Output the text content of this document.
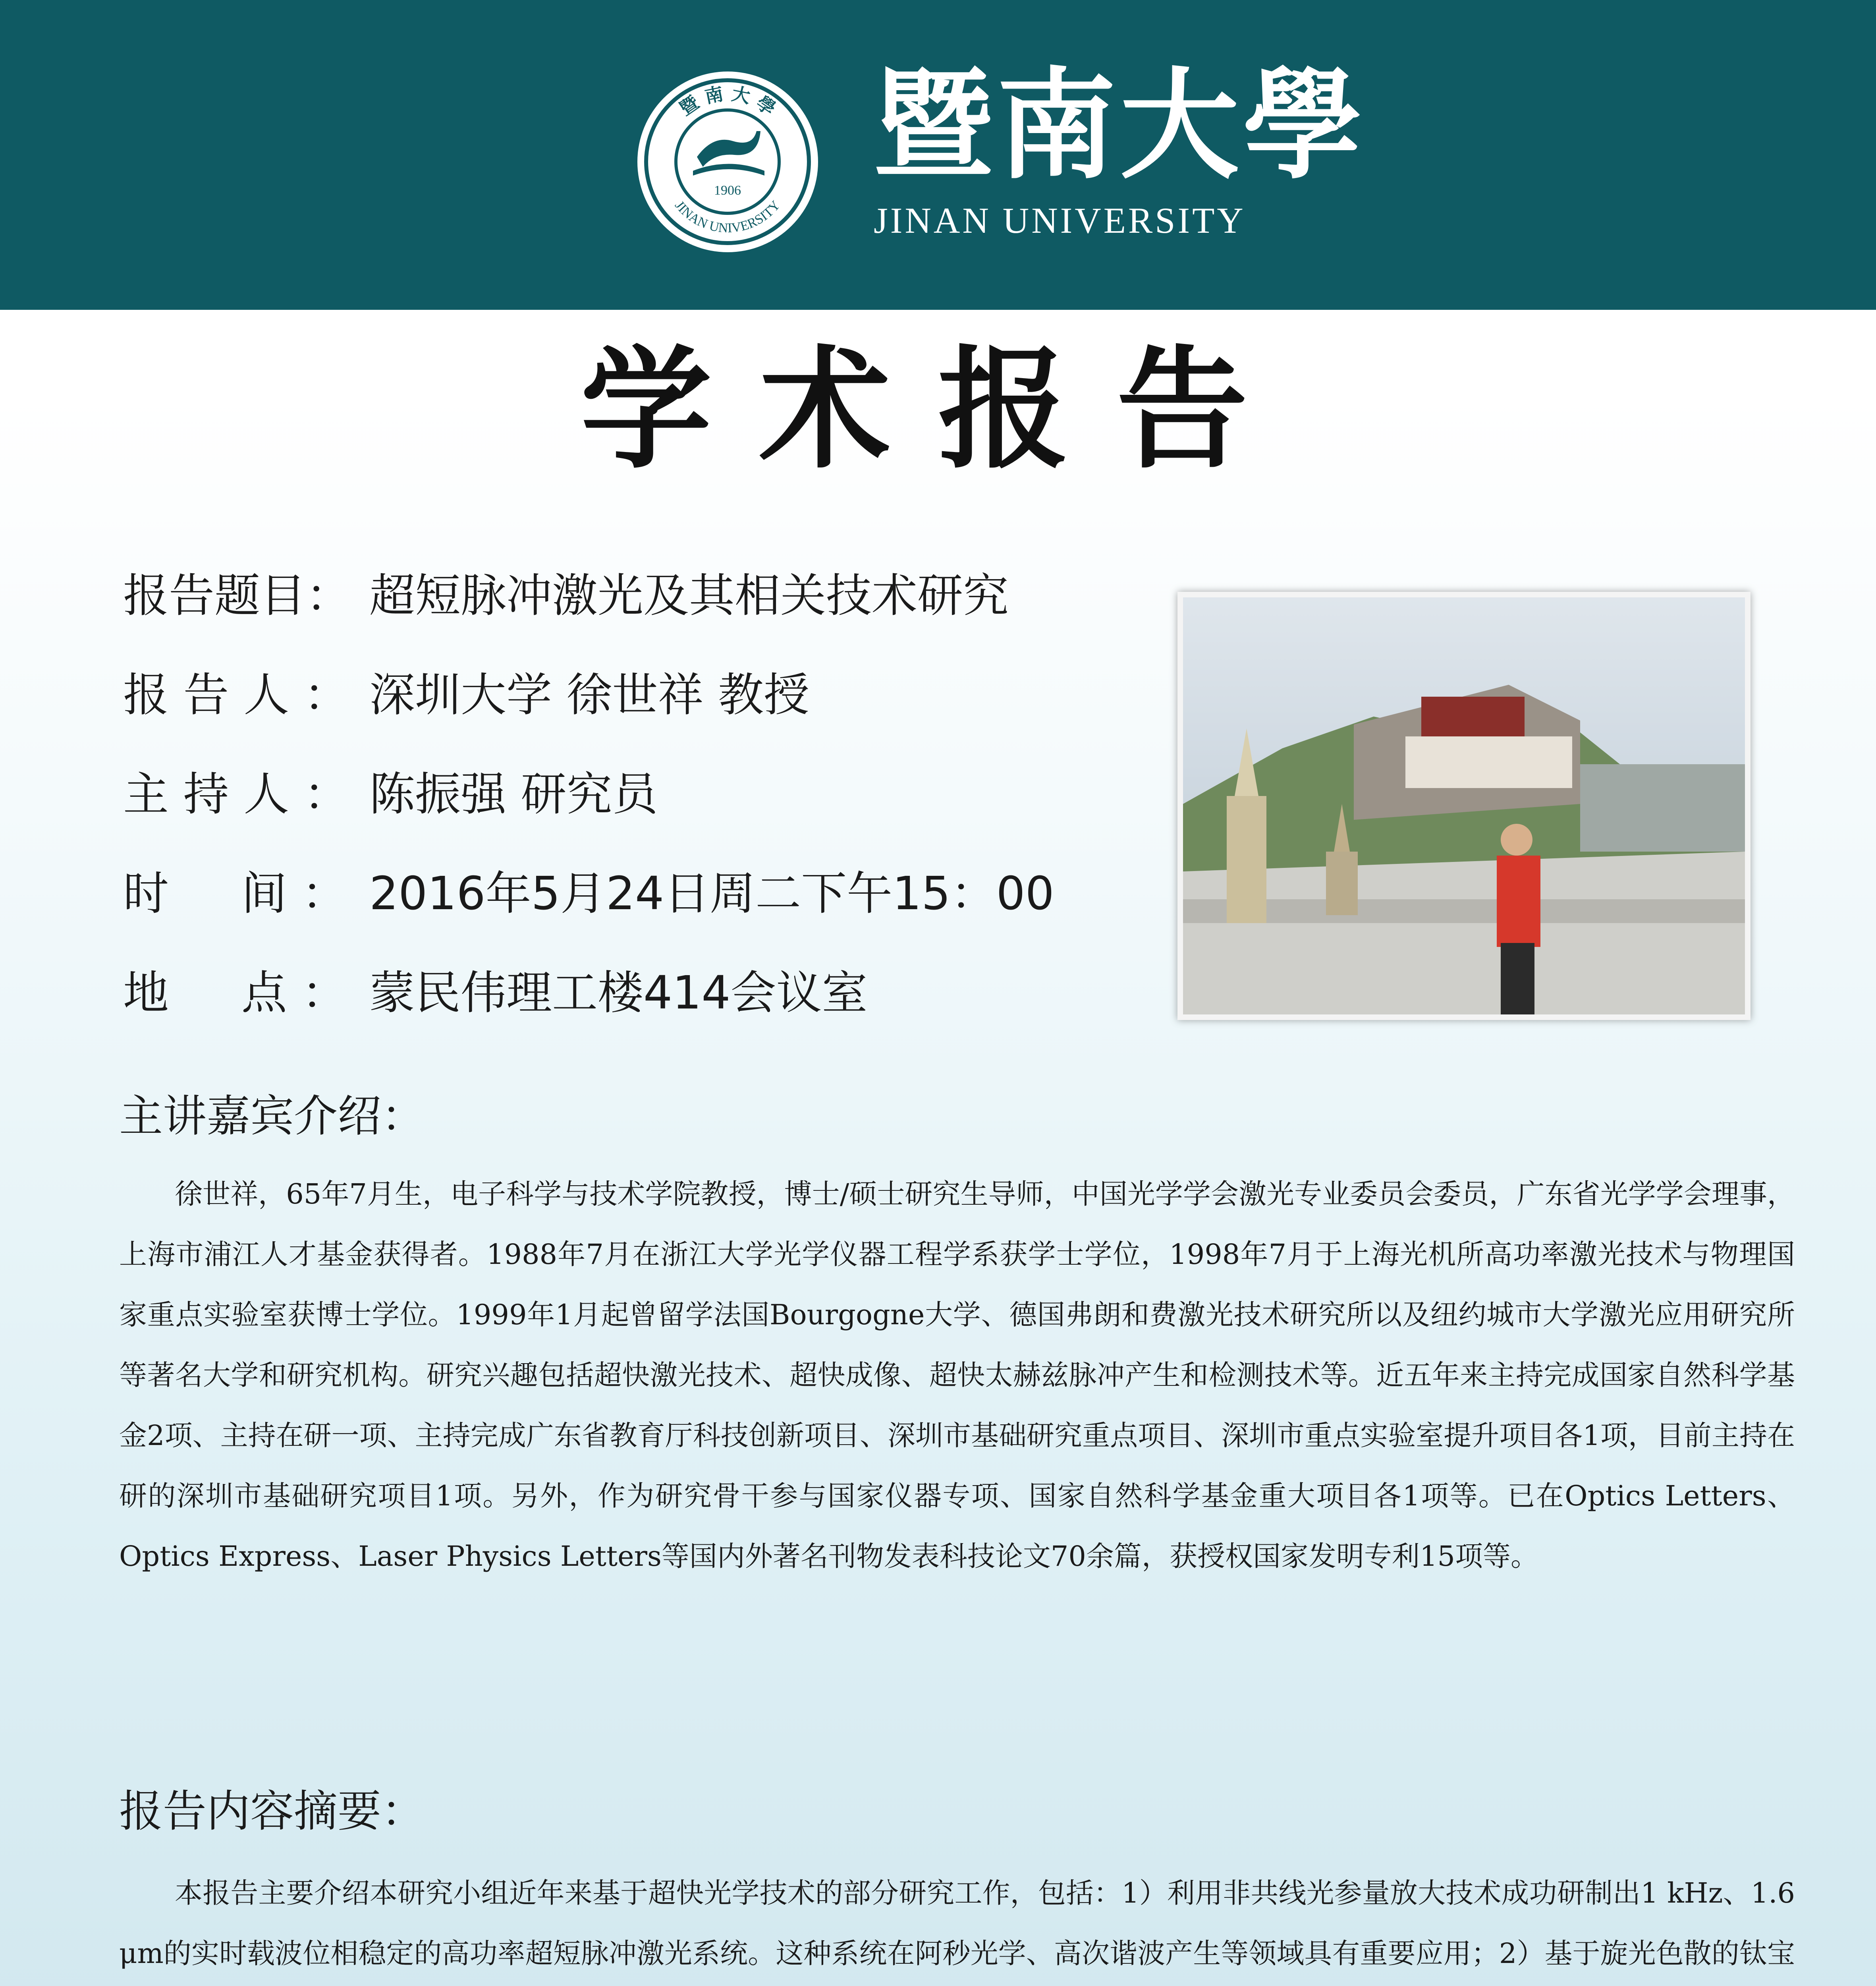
暨 南 大 學
JINAN UNIVERSITY
1906 暨南大學
JINAN UNIVERSITY
学术报告
报告题目： 超短脉冲激光及其相关技术研究
报 告 人 ： 深圳大学 徐世祥 教授
主 持 人 ： 陈振强 研究员
时     间 ： 2016年5月24日周二下午15：00
地     点 ： 蒙民伟理工楼414会议室
主讲嘉宾介绍：

徐世祥，65年7月生，电子科学与技术学院教授，博士/硕士研究生导师，中国光学学会激光专业委员会委员，广东省光学学会理事，上海市浦江人才基金获得者。1988年7月在浙江大学光学仪器工程学系获学士学位，1998年7月于上海光机所高功率激光技术与物理国家重点实验室获博士学位。1999年1月起曾留学法国Bourgogne大学、德国弗朗和费激光技术研究所以及纽约城市大学激光应用研究所等著名大学和研究机构。研究兴趣包括超快激光技术、超快成像、超快太赫兹脉冲产生和检测技术等。近五年来主持完成国家自然科学基金2项、主持在研一项、主持完成广东省教育厅科技创新项目、深圳市基础研究重点项目、深圳市重点实验室提升项目各1项，目前主持在研的深圳市基础研究项目1项。另外，作为研究骨干参与国家仪器专项、国家自然科学基金重大项目各1项等。已在Optics Letters、Optics Express、Laser Physics Letters等国内外著名刊物发表科技论文70余篇，获授权国家发明专利15项等。

报告内容摘要：

本报告主要介绍本研究小组近年来基于超快光学技术的部分研究工作，包括：1）利用非共线光参量放大技术成功研制出1 kHz、1.6 μm的实时载波位相稳定的高功率超短脉冲激光系统。这种系统在阿秒光学、高次谐波产生等领域具有重要应用；2）基于旋光色散的钛宝
